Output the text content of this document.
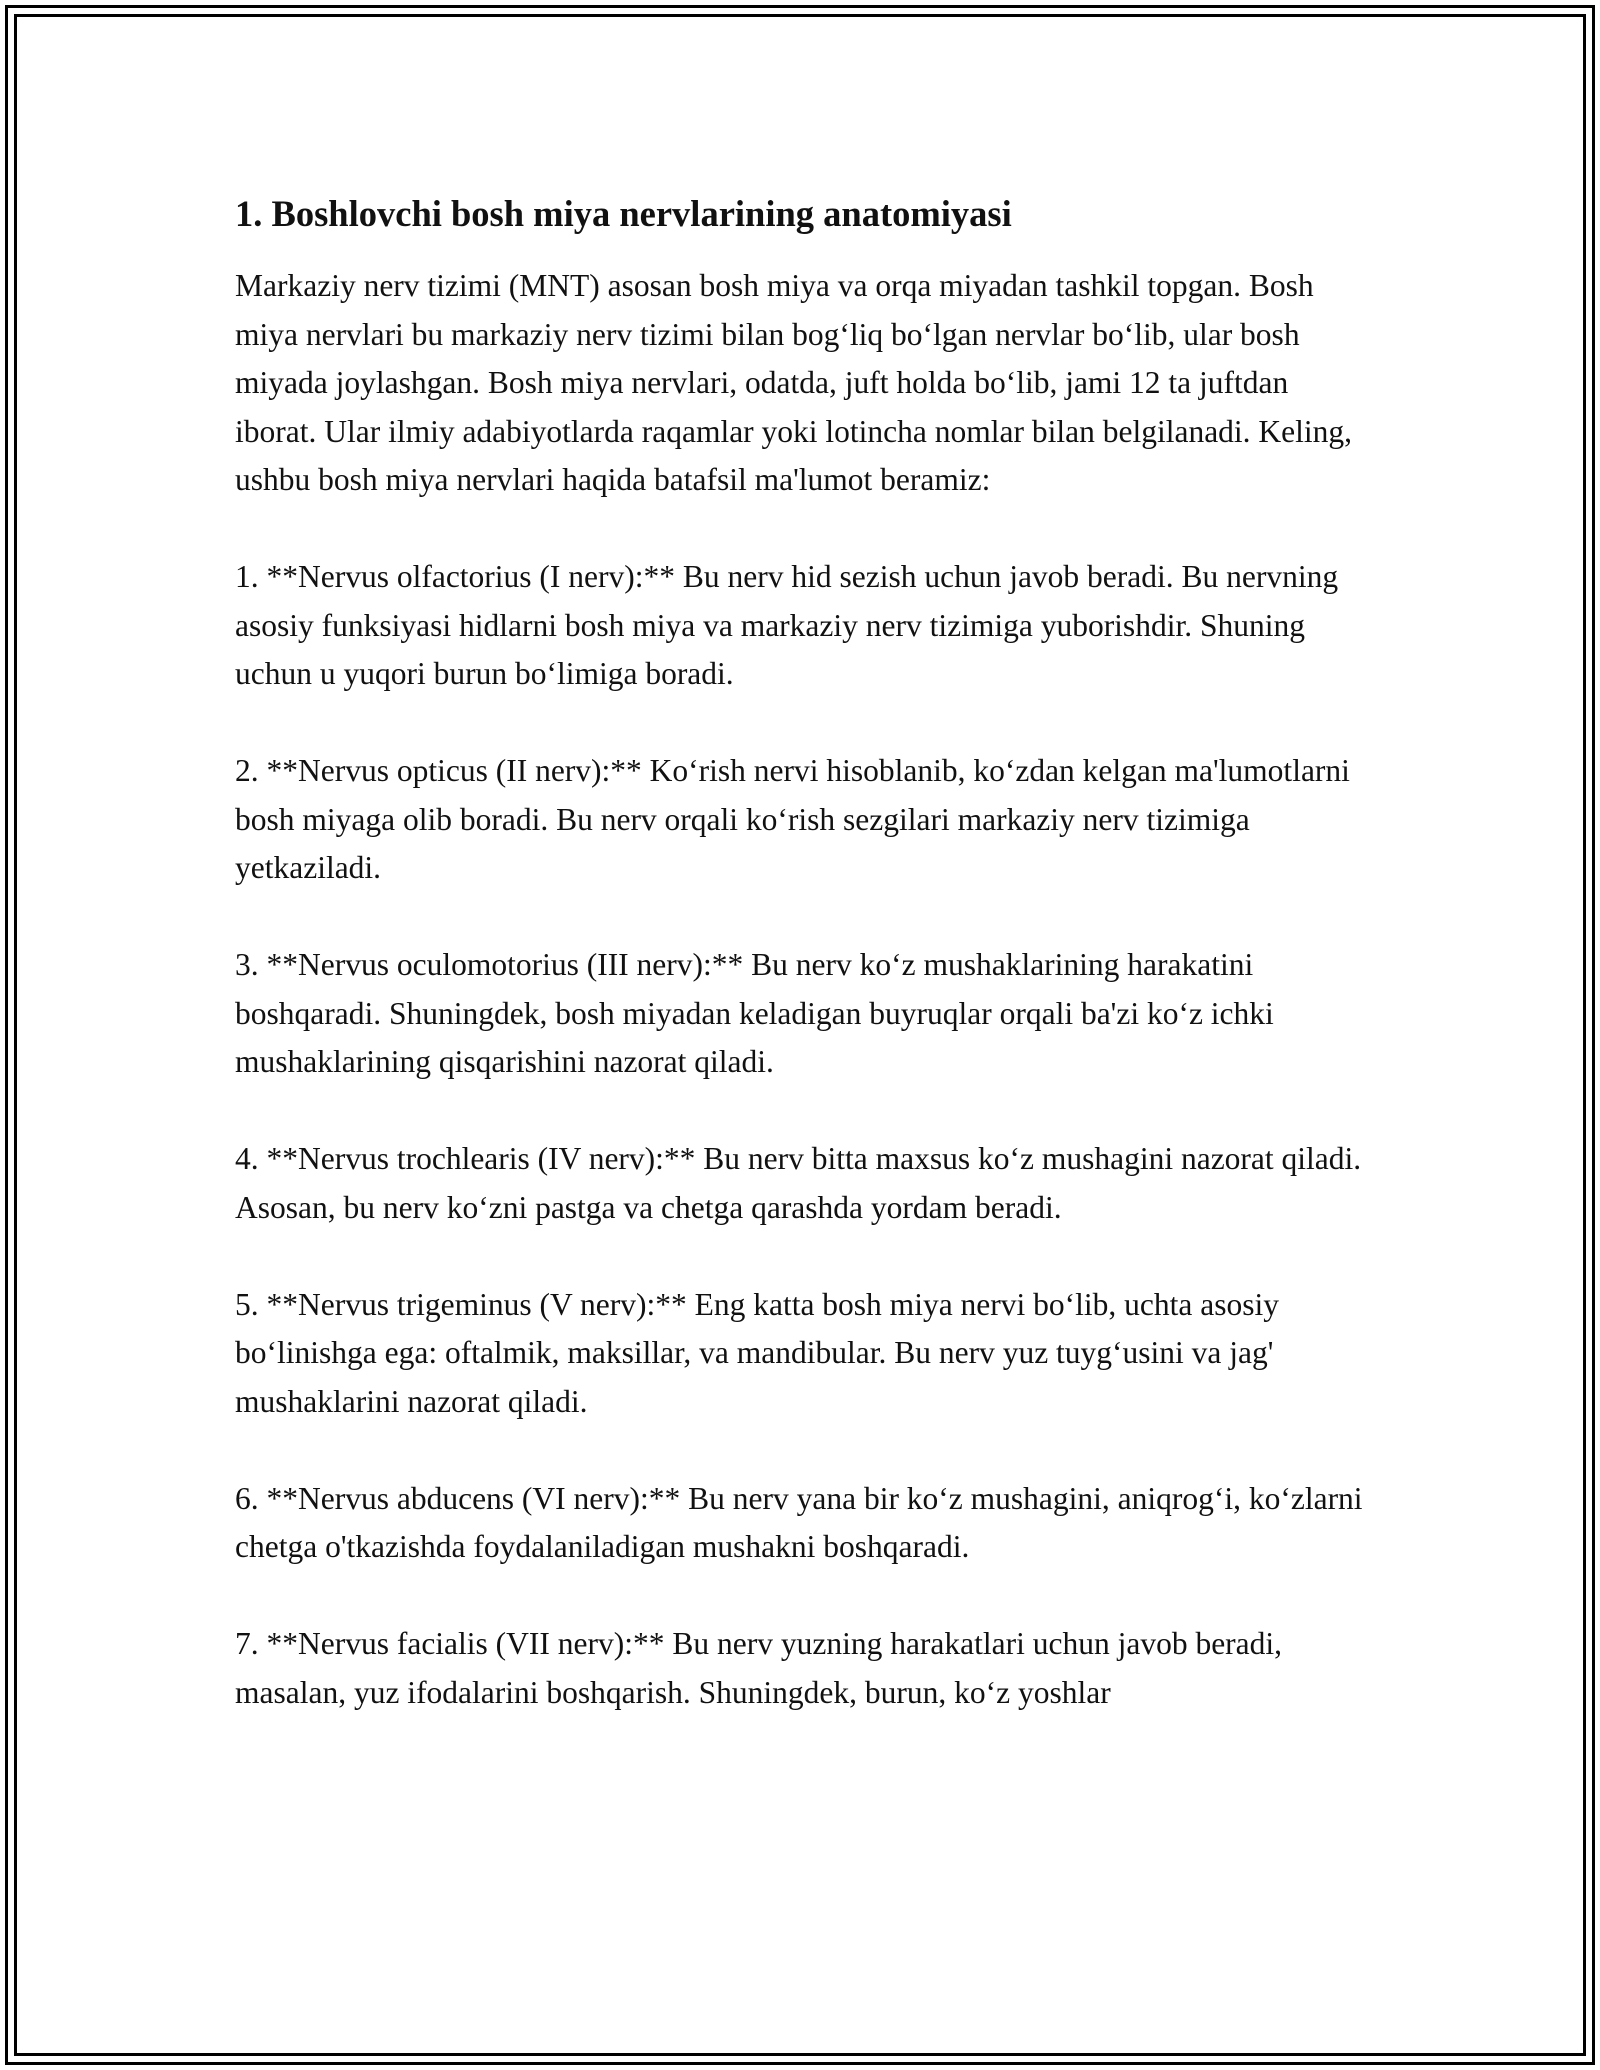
1. Boshlovchi bosh miya nervlarining anatomiyasi

Markaziy nerv tizimi (MNT) asosan bosh miya va orqa miyadan tashkil topgan. Bosh miya nervlari bu markaziy nerv tizimi bilan bog‘liq bo‘lgan nervlar bo‘lib, ular bosh miyada joylashgan. Bosh miya nervlari, odatda, juft holda bo‘lib, jami 12 ta juftdan iborat. Ular ilmiy adabiyotlarda raqamlar yoki lotincha nomlar bilan belgilanadi. Keling, ushbu bosh miya nervlari haqida batafsil ma'lumot beramiz:

1. **Nervus olfactorius (I nerv):** Bu nerv hid sezish uchun javob beradi. Bu nervning asosiy funksiyasi hidlarni bosh miya va markaziy nerv tizimiga yuborishdir. Shuning uchun u yuqori burun bo‘limiga boradi.

2. **Nervus opticus (II nerv):** Ko‘rish nervi hisoblanib, ko‘zdan kelgan ma'lumotlarni bosh miyaga olib boradi. Bu nerv orqali ko‘rish sezgilari markaziy nerv tizimiga yetkaziladi.

3. **Nervus oculomotorius (III nerv):** Bu nerv ko‘z mushaklarining harakatini boshqaradi. Shuningdek, bosh miyadan keladigan buyruqlar orqali ba'zi ko‘z ichki mushaklarining qisqarishini nazorat qiladi.

4. **Nervus trochlearis (IV nerv):** Bu nerv bitta maxsus ko‘z mushagini nazorat qiladi. Asosan, bu nerv ko‘zni pastga va chetga qarashda yordam beradi.

5. **Nervus trigeminus (V nerv):** Eng katta bosh miya nervi bo‘lib, uchta asosiy bo‘linishga ega: oftalmik, maksillar, va mandibular. Bu nerv yuz tuyg‘usini va jag' mushaklarini nazorat qiladi.

6. **Nervus abducens (VI nerv):** Bu nerv yana bir ko‘z mushagini, aniqrog‘i, ko‘zlarni chetga o'tkazishda foydalaniladigan mushakni boshqaradi.

7. **Nervus facialis (VII nerv):** Bu nerv yuzning harakatlari uchun javob beradi, masalan, yuz ifodalarini boshqarish. Shuningdek, burun, ko‘z yoshlar
